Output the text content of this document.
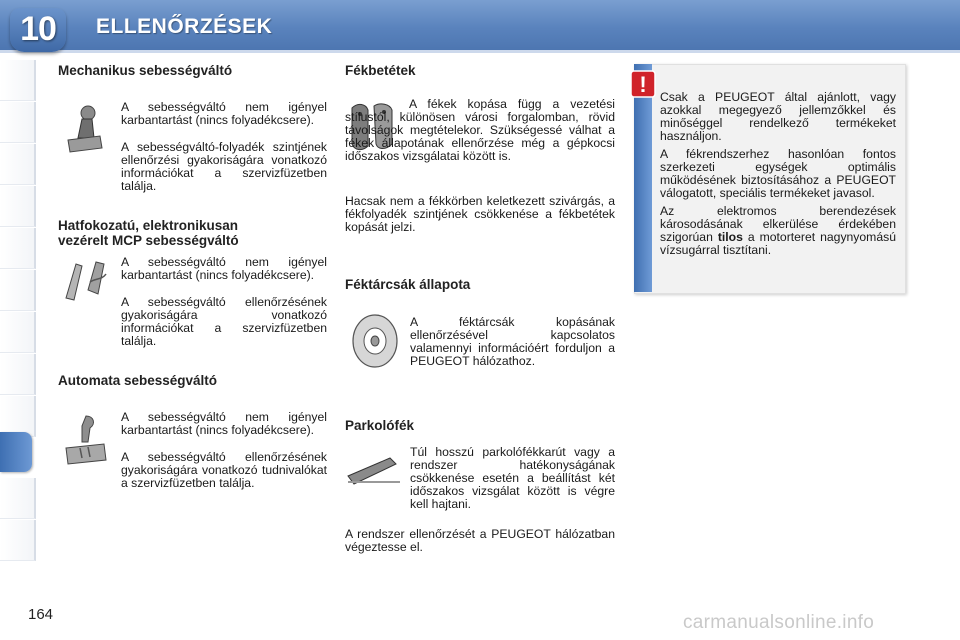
10	ELLENŐRZÉSEK
Mechanikus sebességváltó

A sebességváltó nem igényel karbantartást (nincs folyadékcsere).

A sebességváltó-folyadék szintjének ellenőrzési gyakoriságára vonatkozó információkat a szervizfüzetben találja.

Hatfokozatú, elektronikusan
vezérelt MCP sebességváltó

A sebességváltó nem igényel karbantartást (nincs folyadékcsere).

A sebességváltó ellenőrzésének gyakoriságára vonatkozó információkat a szervizfüzetben találja.

Automata sebességváltó

A sebességváltó nem igényel karbantartást (nincs folyadékcsere).

A sebességváltó ellenőrzésének gyakoriságára vonatkozó tudnivalókat a szervizfüzetben találja.

Fékbetétek

A fékek kopása függ a vezetési stílustól, különösen városi forgalomban, rövid távolságok megtételekor. Szükségessé válhat a fékek állapotának ellenőrzése még a gépkocsi időszakos vizsgálatai között is.

Hacsak nem a fékkörben keletkezett szivárgás, a fékfolyadék szintjének csökkenése a fékbetétek kopását jelzi.

Féktárcsák állapota

A féktárcsák kopásának ellenőrzésével kapcsolatos valamennyi információért forduljon a PEUGEOT hálózathoz.

Parkolófék

Túl hosszú parkolófékkarút vagy a rendszer hatékonyságának csökkenése esetén a beállítást két időszakos vizsgálat között is végre kell hajtani.

A rendszer ellenőrzését a PEUGEOT hálózatban végeztesse el.

! Csak a PEUGEOT által ajánlott, vagy azokkal megegyező jellemzőkkel és minőséggel rendelkező termékeket használjon.

A fékrendszerhez hasonlóan fontos szerkezeti egységek optimális működésének biztosításához a PEUGEOT válogatott, speciális termékeket javasol.

Az elektromos berendezések károsodásának elkerülése érdekében szigorúan tilos a motorteret nagynyomású vízsugárral tisztítani.

164	carmanualsonline.info
